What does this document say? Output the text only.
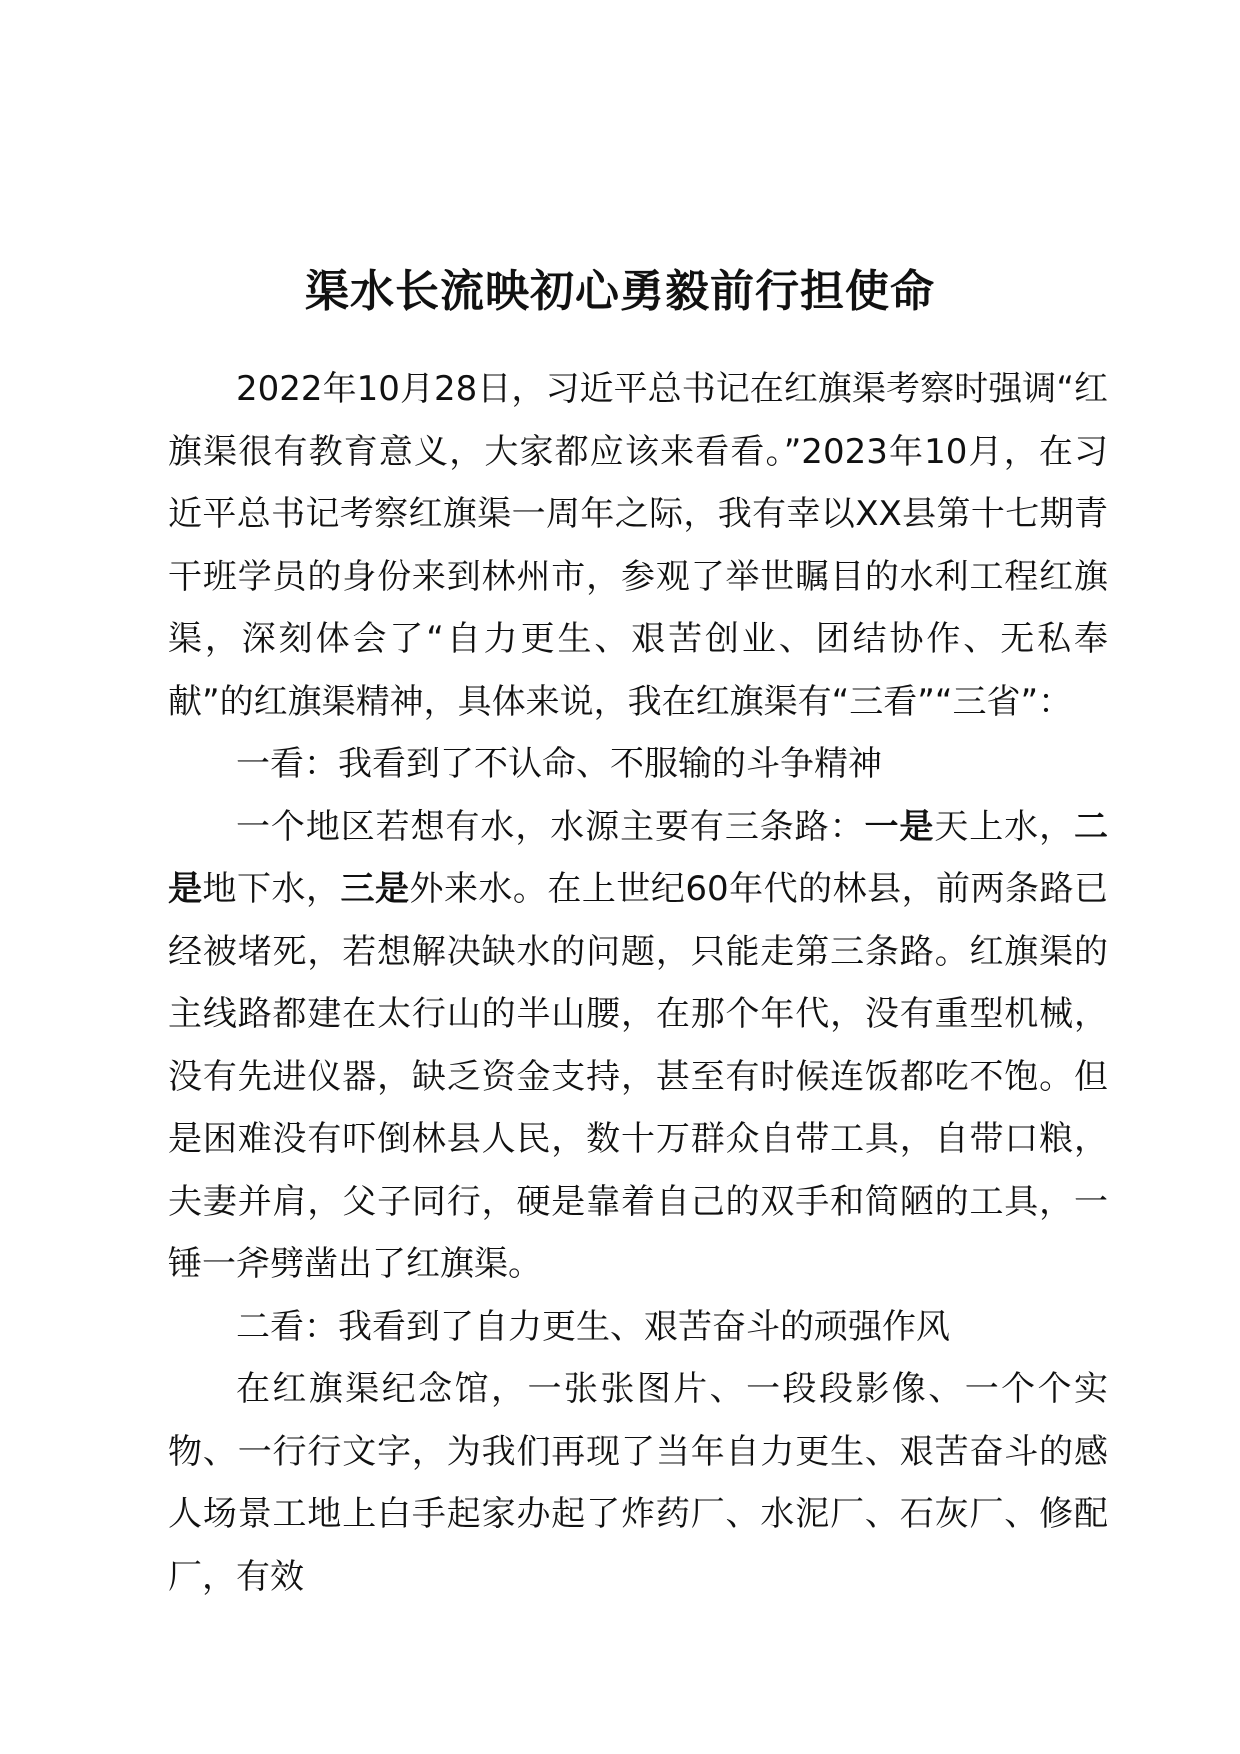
渠水长流映初心勇毅前行担使命

2022年10月28日，习近平总书记在红旗渠考察时强调“红旗渠很有教育意义，大家都应该来看看。”2023年10月，在习近平总书记考察红旗渠一周年之际，我有幸以XX县第十七期青干班学员的身份来到林州市，参观了举世瞩目的水利工程红旗渠，深刻体会了“自力更生、艰苦创业、团结协作、无私奉献”的红旗渠精神，具体来说，我在红旗渠有“三看”“三省”：

一看：我看到了不认命、不服输的斗争精神

一个地区若想有水，水源主要有三条路：一是天上水，二是地下水，三是外来水。在上世纪60年代的林县，前两条路已经被堵死，若想解决缺水的问题，只能走第三条路。红旗渠的主线路都建在太行山的半山腰，在那个年代，没有重型机械，没有先进仪器，缺乏资金支持，甚至有时候连饭都吃不饱。但是困难没有吓倒林县人民，数十万群众自带工具，自带口粮，夫妻并肩，父子同行，硬是靠着自己的双手和简陋的工具，一锤一斧劈凿出了红旗渠。

二看：我看到了自力更生、艰苦奋斗的顽强作风

在红旗渠纪念馆，一张张图片、一段段影像、一个个实物、一行行文字，为我们再现了当年自力更生、艰苦奋斗的感人场景工地上白手起家办起了炸药厂、水泥厂、石灰厂、修配厂，有效
